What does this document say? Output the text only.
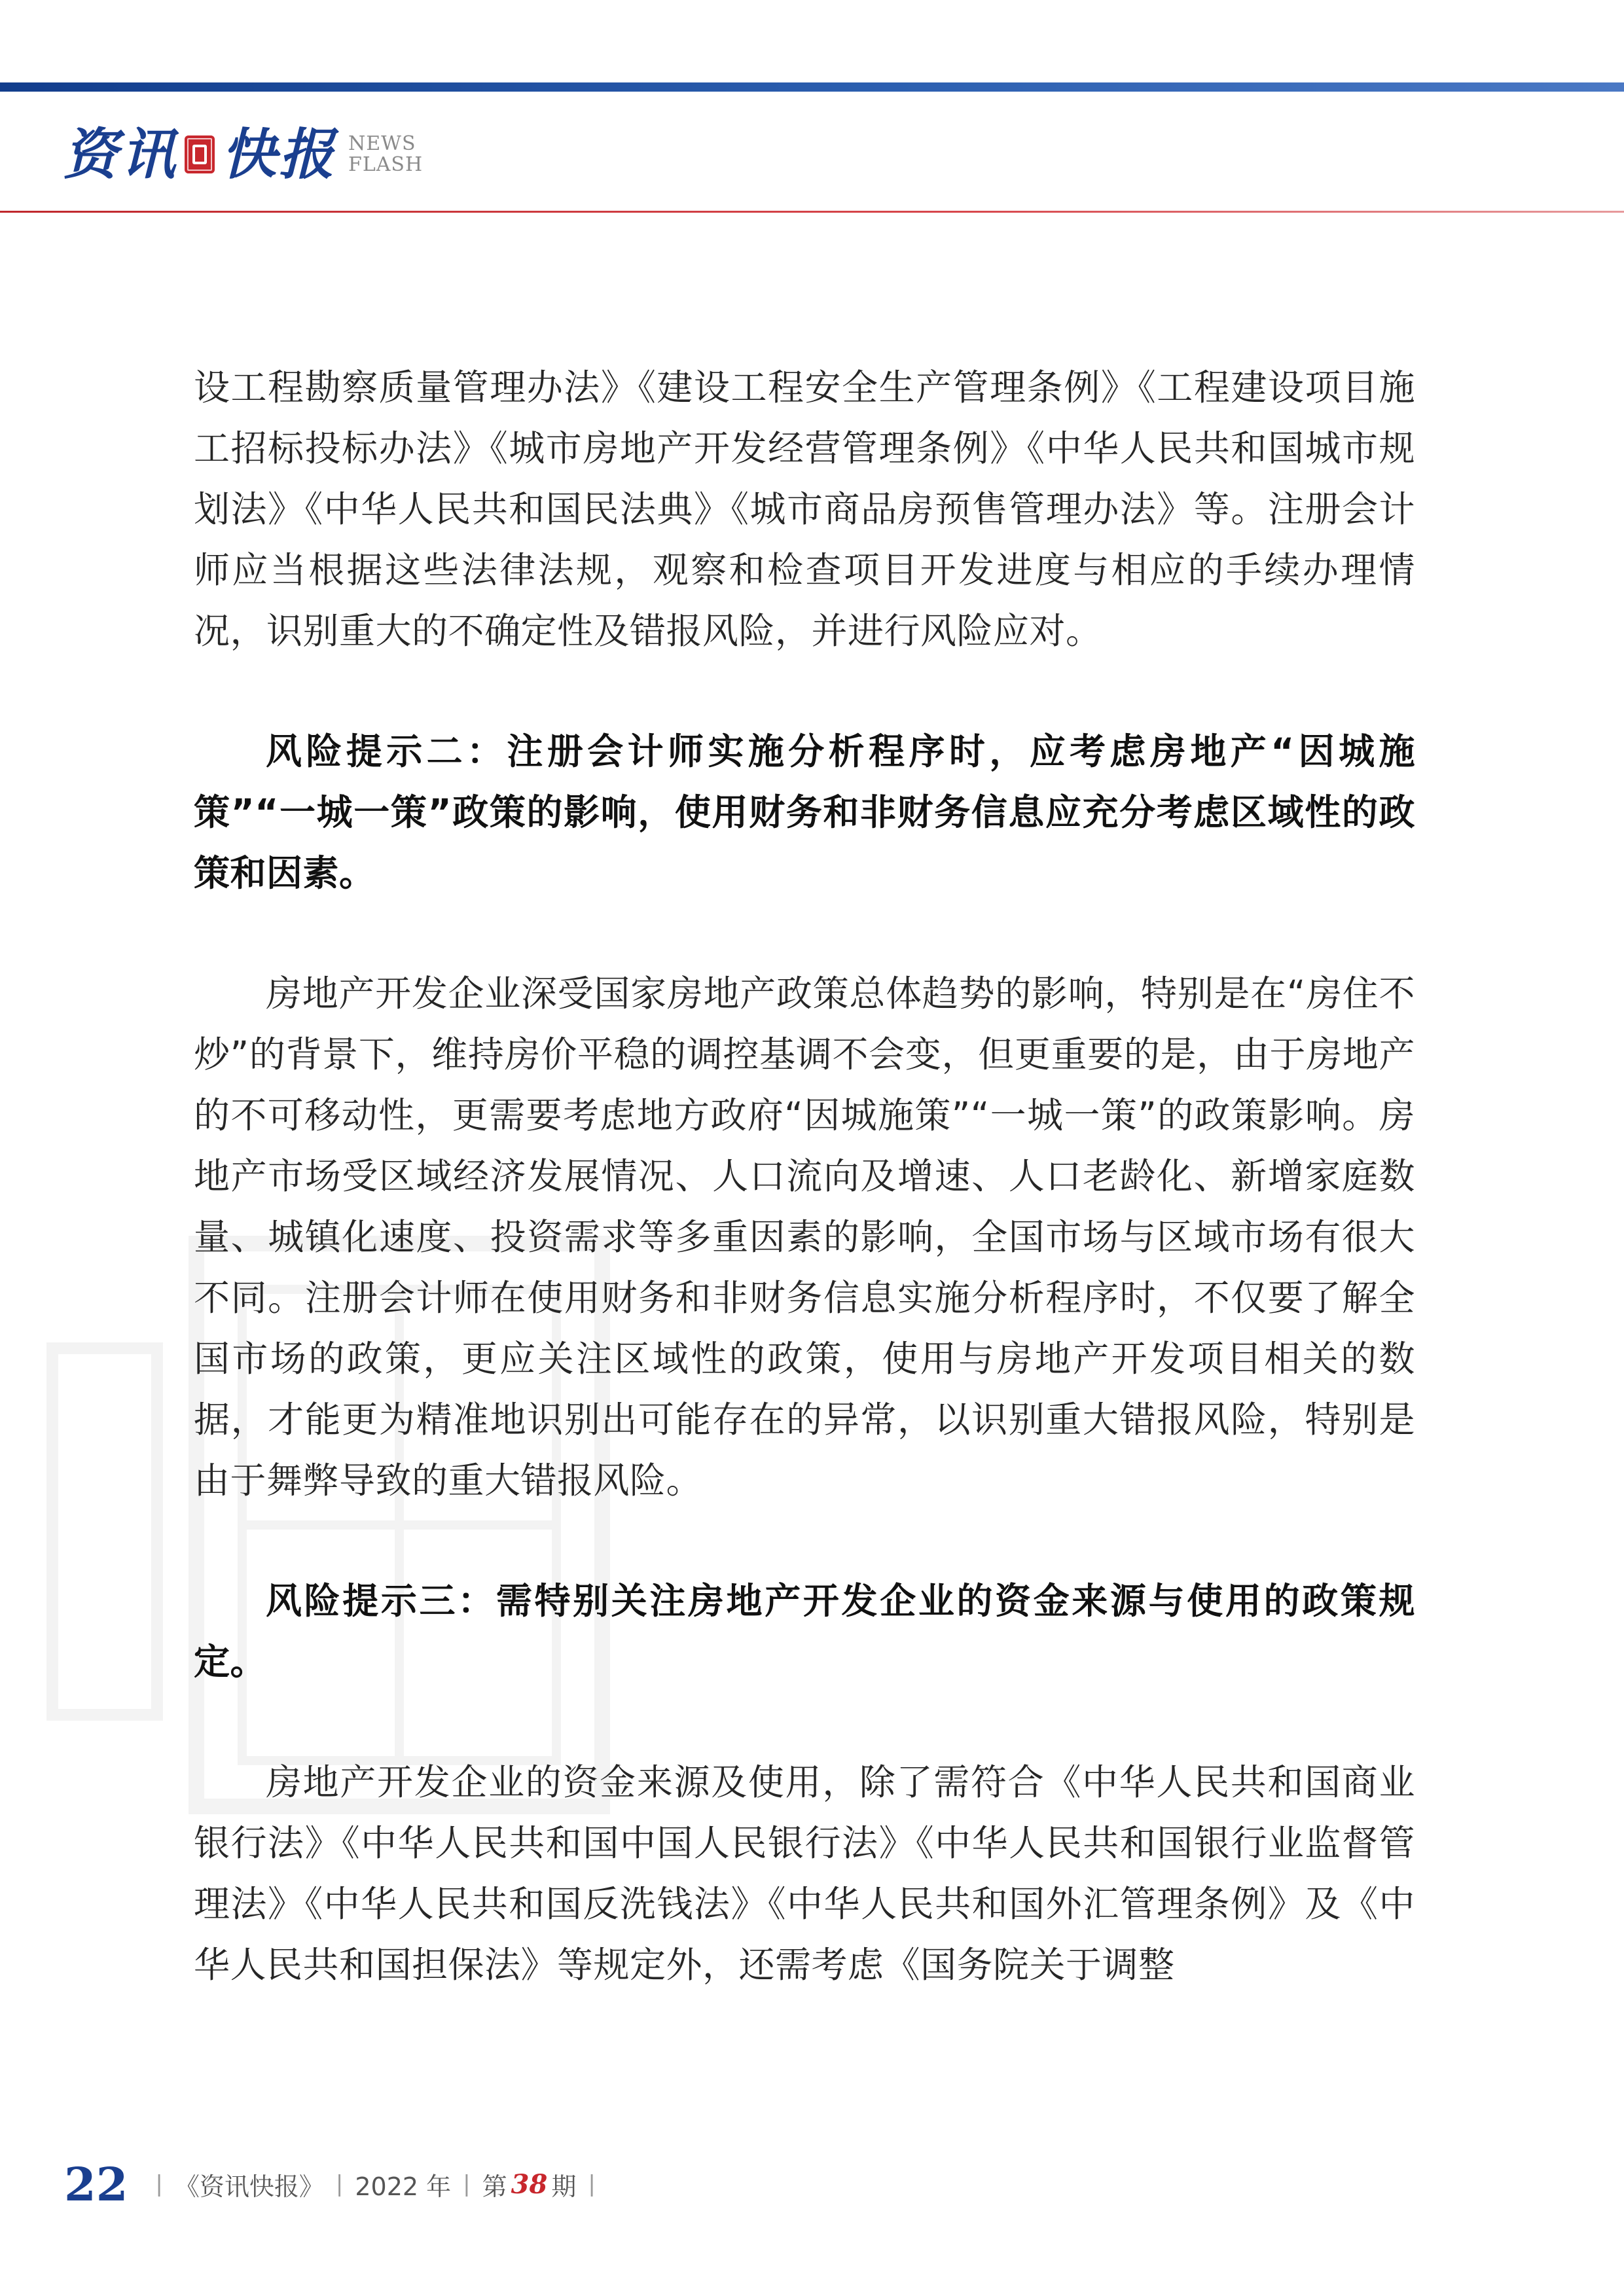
资讯 快报 NEWS
FLASH

设工程勘察质量管理办法》《建设工程安全生产管理条例》《工程建设项目施工招标投标办法》《城市房地产开发经营管理条例》《中华人民共和国城市规划法》《中华人民共和国民法典》《城市商品房预售管理办法》等。注册会计师应当根据这些法律法规，观察和检查项目开发进度与相应的手续办理情况，识别重大的不确定性及错报风险，并进行风险应对。

风险提示二：注册会计师实施分析程序时，应考虑房地产“因城施策”“一城一策”政策的影响，使用财务和非财务信息应充分考虑区域性的政策和因素。

房地产开发企业深受国家房地产政策总体趋势的影响，特别是在“房住不炒”的背景下，维持房价平稳的调控基调不会变，但更重要的是，由于房地产的不可移动性，更需要考虑地方政府“因城施策”“一城一策”的政策影响。房地产市场受区域经济发展情况、人口流向及增速、人口老龄化、新增家庭数量、城镇化速度、投资需求等多重因素的影响，全国市场与区域市场有很大不同。注册会计师在使用财务和非财务信息实施分析程序时，不仅要了解全国市场的政策，更应关注区域性的政策，使用与房地产开发项目相关的数据，才能更为精准地识别出可能存在的异常，以识别重大错报风险，特别是由于舞弊导致的重大错报风险。

风险提示三：需特别关注房地产开发企业的资金来源与使用的政策规定。

房地产开发企业的资金来源及使用，除了需符合《中华人民共和国商业银行法》《中华人民共和国中国人民银行法》《中华人民共和国银行业监督管理法》《中华人民共和国反洗钱法》《中华人民共和国外汇管理条例》及《中华人民共和国担保法》等规定外，还需考虑《国务院关于调整

22 | 《资讯快报》 | 2022 年 | 第 38 期 |
